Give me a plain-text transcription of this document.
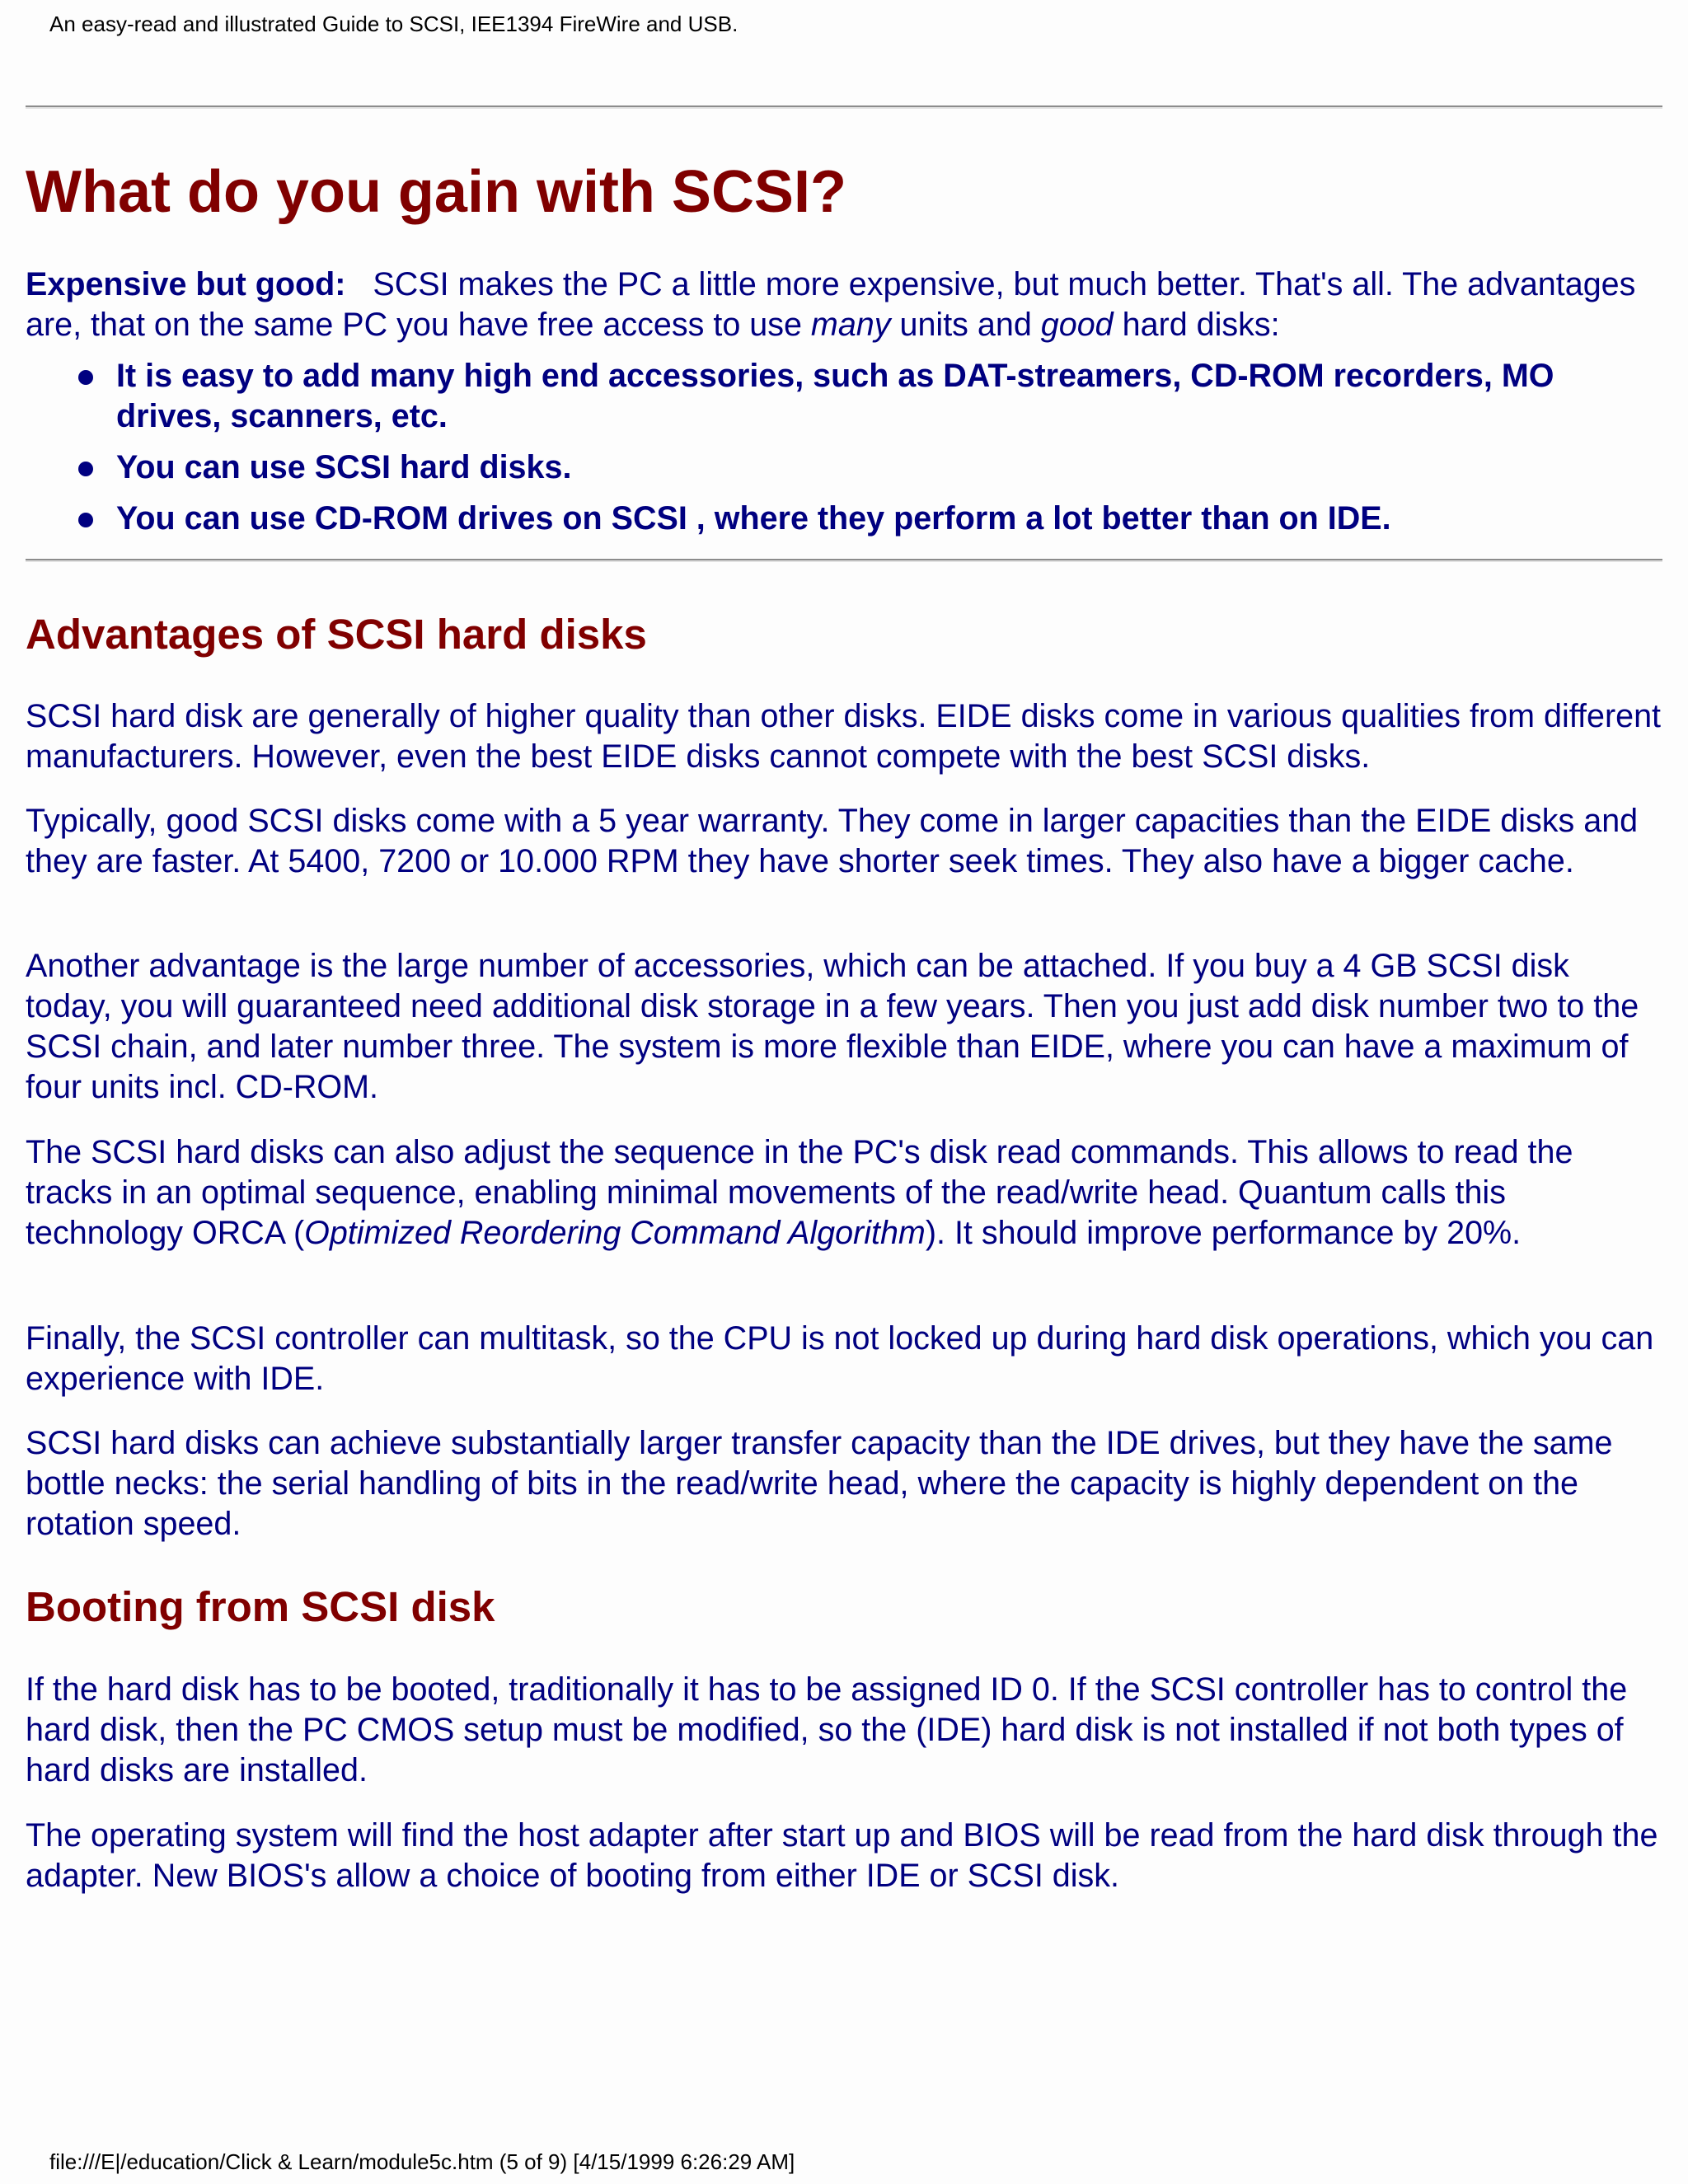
An easy-read and illustrated Guide to SCSI, IEE1394 FireWire and USB.
What do you gain with SCSI?

Expensive but good: SCSI makes the PC a little more expensive, but much better. That's all. The advantages are, that on the same PC you have free access to use many units and good hard disks:

It is easy to add many high end accessories, such as DAT-streamers, CD-ROM recorders, MO drives, scanners, etc.
You can use SCSI hard disks.
You can use CD-ROM drives on SCSI , where they perform a lot better than on IDE.
Advantages of SCSI hard disks

SCSI hard disk are generally of higher quality than other disks. EIDE disks come in various qualities from different manufacturers. However, even the best EIDE disks cannot compete with the best SCSI disks.

Typically, good SCSI disks come with a 5 year warranty. They come in larger capacities than the EIDE disks and they are faster. At 5400, 7200 or 10.000 RPM they have shorter seek times. They also have a bigger cache.

Another advantage is the large number of accessories, which can be attached. If you buy a 4 GB SCSI disk today, you will guaranteed need additional disk storage in a few years. Then you just add disk number two to the SCSI chain, and later number three. The system is more flexible than EIDE, where you can have a maximum of four units incl. CD-ROM.

The SCSI hard disks can also adjust the sequence in the PC's disk read commands. This allows to read the tracks in an optimal sequence, enabling minimal movements of the read/write head. Quantum calls this technology ORCA (Optimized Reordering Command Algorithm). It should improve performance by 20%.

Finally, the SCSI controller can multitask, so the CPU is not locked up during hard disk operations, which you can experience with IDE.

SCSI hard disks can achieve substantially larger transfer capacity than the IDE drives, but they have the same bottle necks: the serial handling of bits in the read/write head, where the capacity is highly dependent on the rotation speed.

Booting from SCSI disk

If the hard disk has to be booted, traditionally it has to be assigned ID 0. If the SCSI controller has to control the hard disk, then the PC CMOS setup must be modified, so the (IDE) hard disk is not installed if not both types of hard disks are installed.

The operating system will find the host adapter after start up and BIOS will be read from the hard disk through the adapter. New BIOS's allow a choice of booting from either IDE or SCSI disk.

file:///E|/education/Click & Learn/module5c.htm (5 of 9) [4/15/1999 6:26:29 AM]
